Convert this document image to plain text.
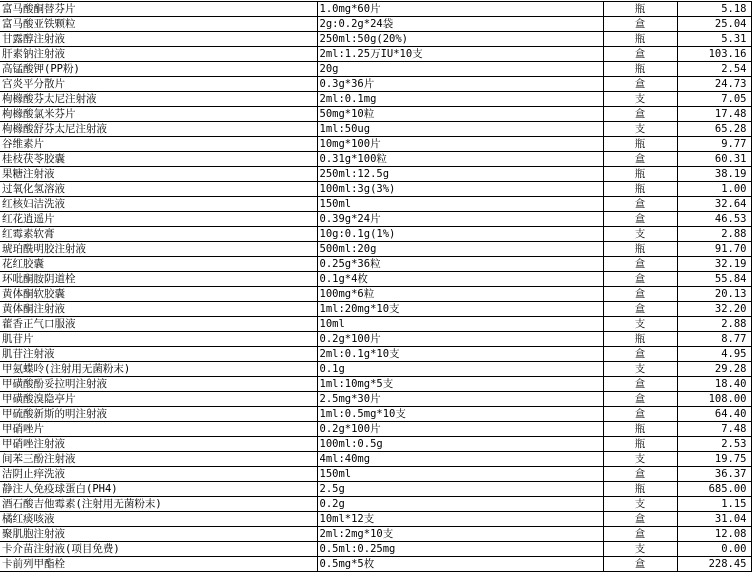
富马酸酮替芬片	1.0mg*60片	瓶	5.18
富马酸亚铁颗粒	2g:0.2g*24袋	盒	25.04
甘露醇注射液	250ml:50g(20%)	瓶	5.31
肝素钠注射液	2ml:1.25万IU*10支	盒	103.16
高锰酸钾(PP粉)	20g	瓶	2.54
宫炎平分散片	0.3g*36片	盒	24.73
枸橼酸芬太尼注射液	2ml:0.1mg	支	7.05
枸橼酸氯米芬片	50mg*10粒	盒	17.48
枸橼酸舒芬太尼注射液	1ml:50ug	支	65.28
谷维素片	10mg*100片	瓶	9.77
桂枝茯苓胶囊	0.31g*100粒	盒	60.31
果糖注射液	250ml:12.5g	瓶	38.19
过氧化氢溶液	100ml:3g(3%)	瓶	1.00
红核妇洁洗液	150ml	盒	32.64
红花逍遥片	0.39g*24片	盒	46.53
红霉素软膏	10g:0.1g(1%)	支	2.88
琥珀酰明胶注射液	500ml:20g	瓶	91.70
花红胶囊	0.25g*36粒	盒	32.19
环吡酮胺阴道栓	0.1g*4枚	盒	55.84
黄体酮软胶囊	100mg*6粒	盒	20.13
黄体酮注射液	1ml:20mg*10支	盒	32.20
藿香正气口服液	10ml	支	2.88
肌苷片	0.2g*100片	瓶	8.77
肌苷注射液	2ml:0.1g*10支	盒	4.95
甲氨蝶呤(注射用无菌粉末)	0.1g	支	29.28
甲磺酸酚妥拉明注射液	1ml:10mg*5支	盒	18.40
甲磺酸溴隐亭片	2.5mg*30片	盒	108.00
甲硫酸新斯的明注射液	1ml:0.5mg*10支	盒	64.40
甲硝唑片	0.2g*100片	瓶	7.48
甲硝唑注射液	100ml:0.5g	瓶	2.53
间苯三酚注射液	4ml:40mg	支	19.75
洁阴止痒洗液	150ml	盒	36.37
静注人免疫球蛋白(PH4)	2.5g	瓶	685.00
酒石酸吉他霉素(注射用无菌粉末)	0.2g	支	1.15
橘红痰咳液	10ml*12支	盒	31.04
聚肌胞注射液	2ml:2mg*10支	盒	12.08
卡介苗注射液(项目免费)	0.5ml:0.25mg	支	0.00
卡前列甲酯栓	0.5mg*5枚	盒	228.45
